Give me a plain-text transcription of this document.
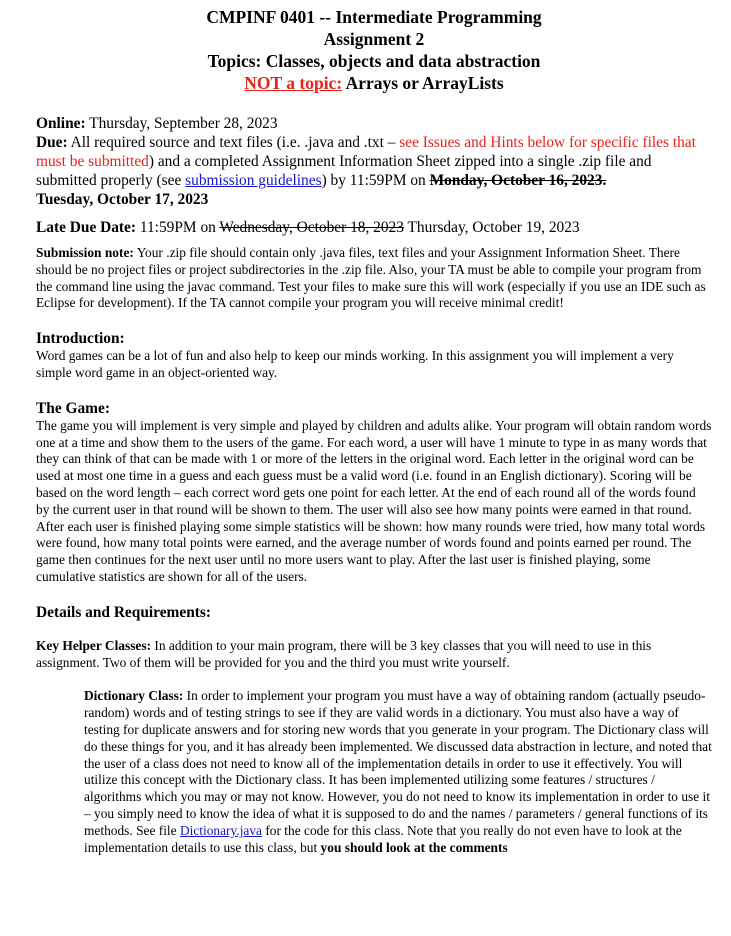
CMPINF 0401 -- Intermediate Programming
Assignment 2
Topics: Classes, objects and data abstraction
NOT a topic: Arrays or ArrayLists

Online: Thursday, September 28, 2023

Due: All required source and text files (i.e. .java and .txt – see Issues and Hints below for specific files that must be submitted) and a completed Assignment Information Sheet zipped into a single .zip file and submitted properly (see submission guidelines) by 11:59PM on Monday, October 16, 2023.
Tuesday, October 17, 2023

Late Due Date: 11:59PM on Wednesday, October 18, 2023 Thursday, October 19, 2023

Submission note: Your .zip file should contain only .java files, text files and your Assignment Information Sheet. There should be no project files or project subdirectories in the .zip file. Also, your TA must be able to compile your program from the command line using the javac command. Test your files to make sure this will work (especially if you use an IDE such as Eclipse for development). If the TA cannot compile your program you will receive minimal credit!

Introduction:

Word games can be a lot of fun and also help to keep our minds working. In this assignment you will implement a very simple word game in an object-oriented way.

The Game:

The game you will implement is very simple and played by children and adults alike. Your program will obtain random words one at a time and show them to the users of the game. For each word, a user will have 1 minute to type in as many words that they can think of that can be made with 1 or more of the letters in the original word. Each letter in the original word can be used at most one time in a guess and each guess must be a valid word (i.e. found in an English dictionary). Scoring will be based on the word length – each correct word gets one point for each letter. At the end of each round all of the words found by the current user in that round will be shown to them. The user will also see how many points were earned in that round. After each user is finished playing some simple statistics will be shown: how many rounds were tried, how many total words were found, how many total points were earned, and the average number of words found and points earned per round. The game then continues for the next user until no more users want to play. After the last user is finished playing, some cumulative statistics are shown for all of the users.

Details and Requirements:

Key Helper Classes: In addition to your main program, there will be 3 key classes that you will need to use in this assignment. Two of them will be provided for you and the third you must write yourself.

Dictionary Class: In order to implement your program you must have a way of obtaining random (actually pseudo-random) words and of testing strings to see if they are valid words in a dictionary. You must also have a way of testing for duplicate answers and for storing new words that you generate in your program. The Dictionary class will do these things for you, and it has already been implemented. We discussed data abstraction in lecture, and noted that the user of a class does not need to know all of the implementation details in order to use it effectively. You will utilize this concept with the Dictionary class. It has been implemented utilizing some features / structures / algorithms which you may or may not know. However, you do not need to know its implementation in order to use it – you simply need to know the idea of what it is supposed to do and the names / parameters / general functions of its methods. See file Dictionary.java for the code for this class. Note that you really do not even have to look at the implementation details to use this class, but you should look at the comments
